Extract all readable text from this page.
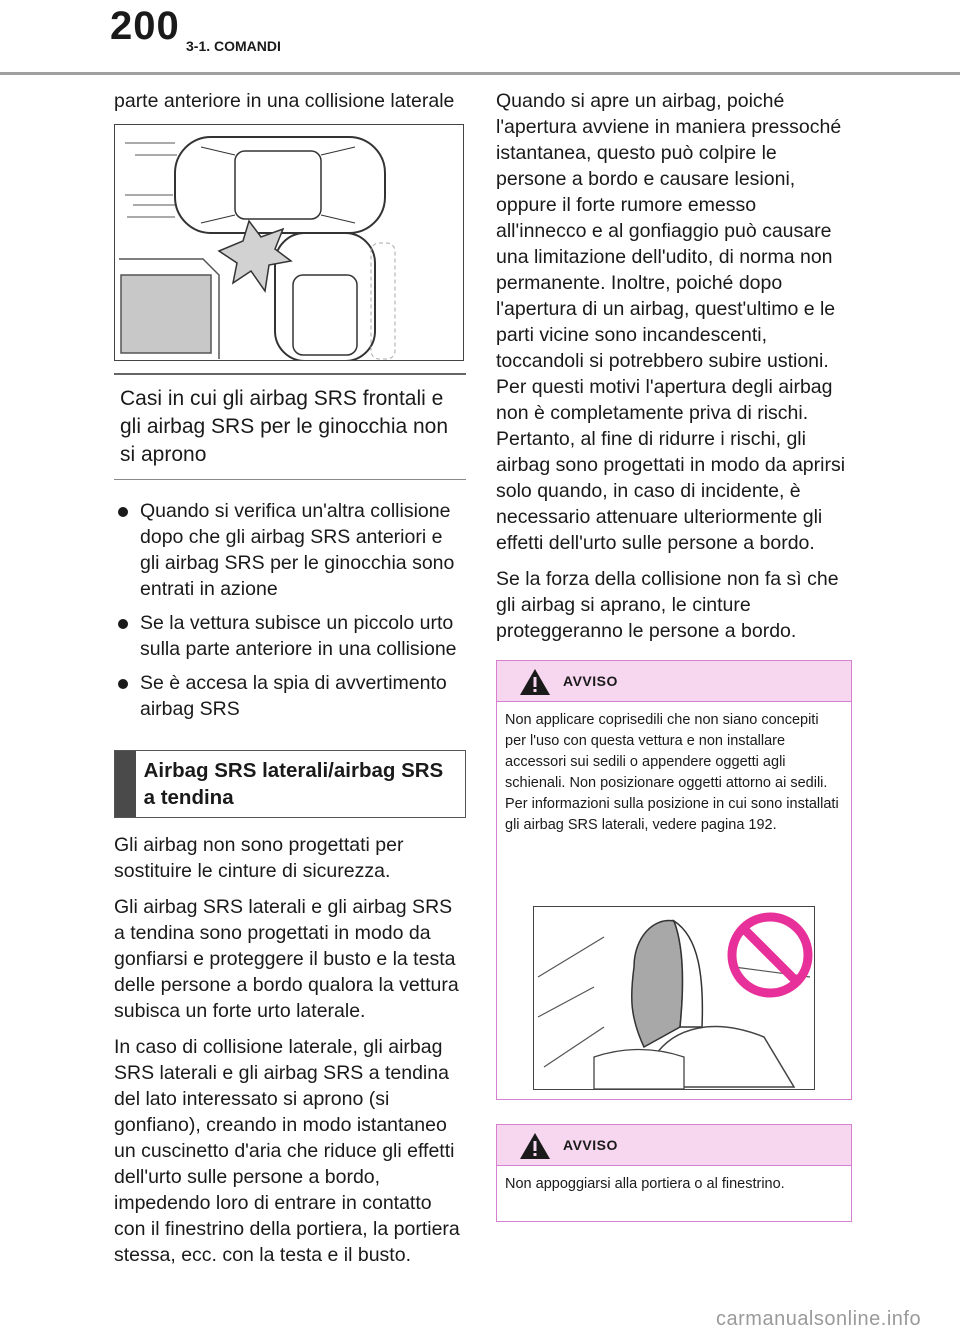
200 3-1. COMANDI

parte anteriore in una collisione laterale

Casi in cui gli airbag SRS frontali e gli airbag SRS per le ginocchia non si aprono
Quando si verifica un'altra collisione dopo che gli airbag SRS anteriori e gli airbag SRS per le ginocchia sono entrati in azione
Se la vettura subisce un piccolo urto sulla parte anteriore in una collisione
Se è accesa la spia di avvertimento airbag SRS
Airbag SRS laterali/airbag SRS a tendina

Gli airbag non sono progettati per sostituire le cinture di sicurezza.

Gli airbag SRS laterali e gli airbag SRS a tendina sono progettati in modo da gonfiarsi e proteggere il busto e la testa delle persone a bordo qualora la vettura subisca un forte urto laterale.

In caso di collisione laterale, gli airbag SRS laterali e gli airbag SRS a tendina del lato interessato si aprono (si gonfiano), creando in modo istantaneo un cuscinetto d'aria che riduce gli effetti dell'urto sulle persone a bordo, impedendo loro di entrare in contatto con il finestrino della portiera, la portiera stessa, ecc. con la testa e il busto.

Quando si apre un airbag, poiché l'apertura avviene in maniera pressoché istantanea, questo può colpire le persone a bordo e causare lesioni, oppure il forte rumore emesso all'inneсco e al gonfiaggio può causare una limitazione dell'udito, di norma non permanente. Inoltre, poiché dopo l'apertura di un airbag, quest'ultimo e le parti vicine sono incandescenti, toccandoli si potrebbero subire ustioni. Per questi motivi l'apertura degli airbag non è completamente priva di rischi. Pertanto, al fine di ridurre i rischi, gli airbag sono progettati in modo da aprirsi solo quando, in caso di incidente, è necessario attenuare ulteriormente gli effetti dell'urto sulle persone a bordo.

Se la forza della collisione non fa sì che gli airbag si aprano, le cinture proteggeranno le persone a bordo.

AVVISO
Non applicare coprisedili che non siano concepiti per l'uso con questa vettura e non installare accessori sui sedili o appendere oggetti agli schienali. Non posizionare oggetti attorno ai sedili. Per informazioni sulla posizione in cui sono installati gli airbag SRS laterali, vedere pagina 192.
AVVISO
Non appoggiarsi alla portiera o al finestrino.
carmanualsonline.info
